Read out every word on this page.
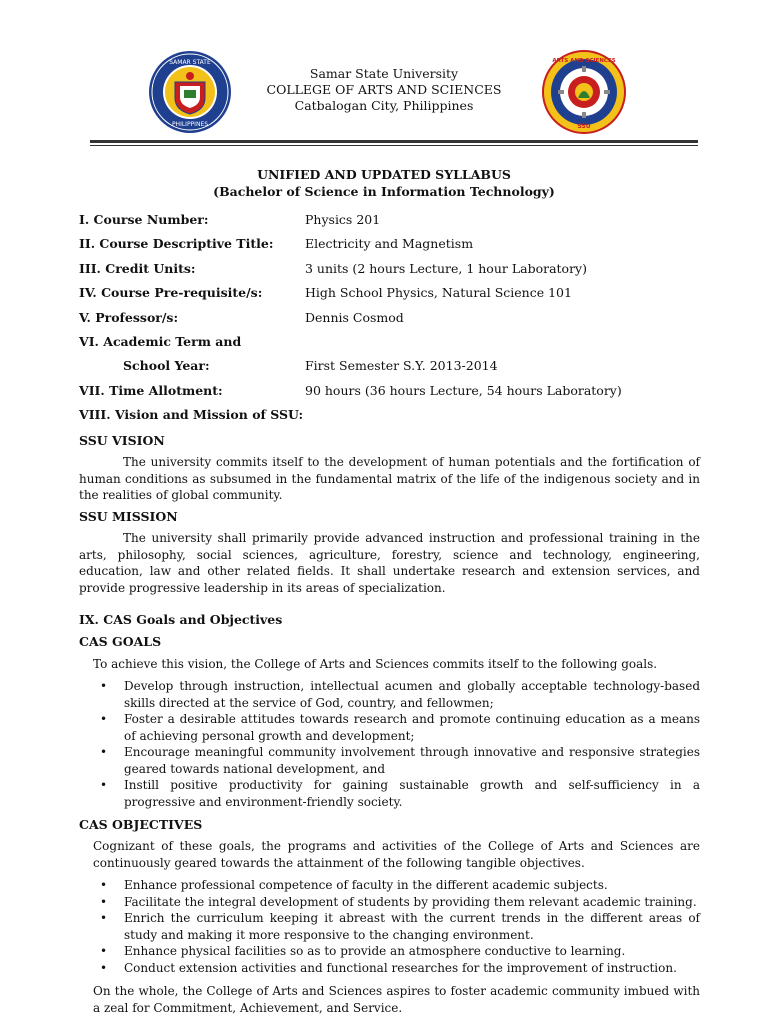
SAMAR STATE
PHILIPPINES
Samar State University
COLLEGE OF ARTS AND SCIENCES
Catbalogan City, Philippines
ARTS AND SCIENCES
SSU
UNIFIED AND UPDATED SYLLABUS
(Bachelor of Science in Information Technology)
I. Course Number:	Physics 201
II. Course Descriptive Title:	Electricity and Magnetism
III. Credit Units:	3 units (2 hours Lecture, 1 hour Laboratory)
IV. Course Pre-requisite/s:	High School Physics, Natural Science 101
V. Professor/s:	Dennis Cosmod
VI. Academic Term and
School Year:	First Semester S.Y. 2013-2014
VII. Time Allotment:	90 hours (36 hours Lecture, 54 hours Laboratory)
VIII. Vision and Mission of SSU:
SSU VISION
The university commits itself to the development of human potentials and the fortification of human conditions as subsumed in the fundamental matrix of the life of the indigenous society and in the realities of global community.
SSU MISSION
The university shall primarily provide advanced instruction and professional training in the arts, philosophy, social sciences, agriculture, forestry, science and technology, engineering, education, law and other related fields. It shall undertake research and extension services, and provide progressive leadership in its areas of specialization.
IX. CAS Goals and Objectives
CAS GOALS
To achieve this vision, the College of Arts and Sciences commits itself to the following goals.
• Develop through instruction, intellectual acumen and globally acceptable technology-based skills directed at the service of God, country, and fellowmen;
• Foster a desirable attitudes towards research and promote continuing education as a means of achieving personal growth and development;
• Encourage meaningful community involvement through innovative and responsive strategies geared towards national development, and
• Instill positive productivity for gaining sustainable growth and self-sufficiency in a progressive and environment-friendly society.
CAS OBJECTIVES
Cognizant of these goals, the programs and activities of the College of Arts and Sciences are continuously geared towards the attainment of the following tangible objectives.
• Enhance professional competence of faculty in the different academic subjects.
• Facilitate the integral development of students by providing them relevant academic training.
• Enrich the curriculum keeping it abreast with the current trends in the different areas of study and making it more responsive to the changing environment.
• Enhance physical facilities so as to provide an atmosphere conductive to learning.
• Conduct extension activities and functional researches for the improvement of instruction.
On the whole, the College of Arts and Sciences aspires to foster academic community imbued with a zeal for Commitment, Achievement, and Service.
